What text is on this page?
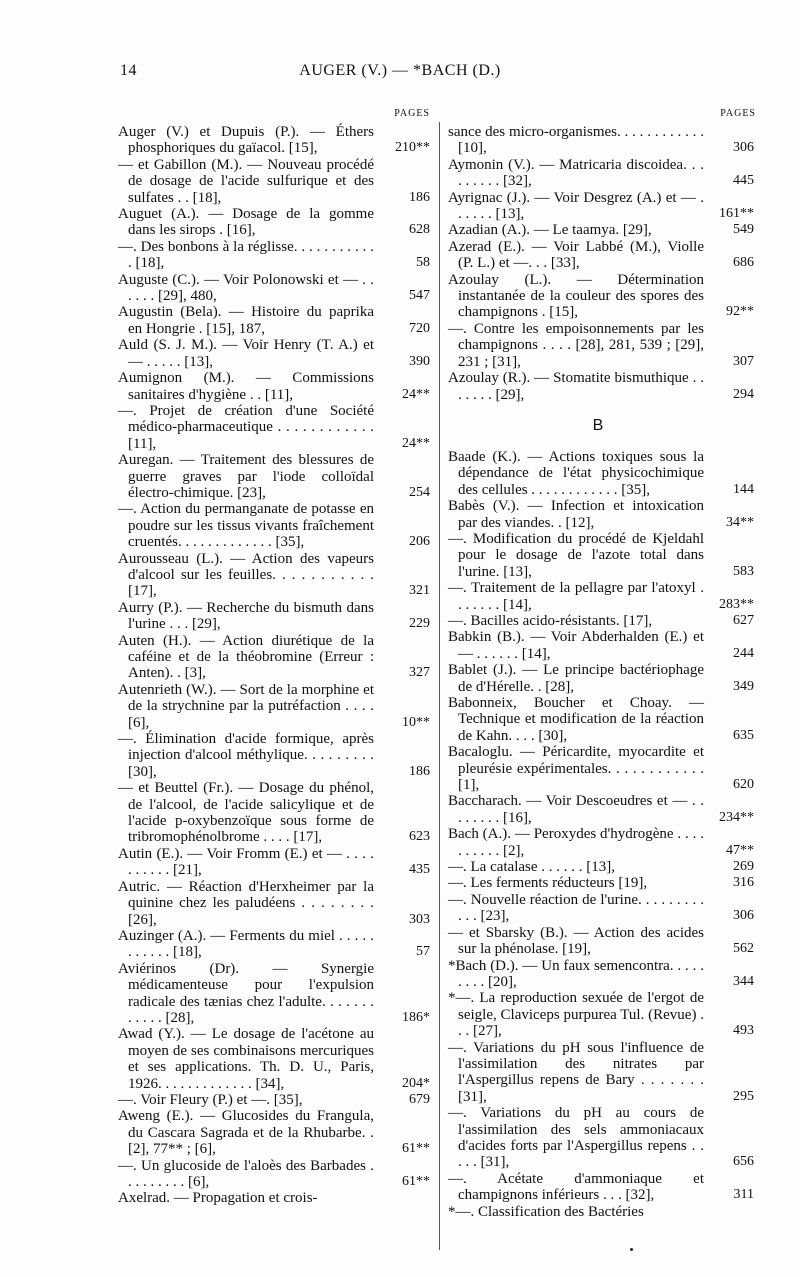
14	AUGER (V.) — *BACH (D.)
PAGES
Auger (V.) et Dupuis (P.). — Éthers phosphoriques du gaïacol. [15],	210**
— et Gabillon (M.). — Nouveau procédé de dosage de l'acide sulfurique et des sulfates . . [18],	186
Auguet (A.). — Dosage de la gomme dans les sirops . [16],	628
—. Des bonbons à la réglisse. . . . . . . . . . . . [18],	58
Auguste (C.). — Voir Polonowski et — . . . . . . [29], 480,	547
Augustin (Bela). — Histoire du paprika en Hongrie . [15], 187,	720
Auld (S. J. M.). — Voir Henry (T. A.) et — . . . . . [13],	390
Aumignon (M.). — Commissions sanitaires d'hygiène . . [11],	24**
—. Projet de création d'une Société médico-pharmaceutique . . . . . . . . . . . . [11],	24**
Auregan. — Traitement des blessures de guerre graves par l'iode colloïdal électro-chimique. [23],	254
—. Action du permanganate de potasse en poudre sur les tissus vivants fraîchement cruentés. . . . . . . . . . . . . [35],	206
Aurousseau (L.). — Action des vapeurs d'alcool sur les feuilles. . . . . . . . . . . [17],	321
Aurry (P.). — Recherche du bismuth dans l'urine . . . [29],	229
Auten (H.). — Action diurétique de la caféine et de la théobromine (Erreur : Anten). . [3],	327
Autenrieth (W.). — Sort de la morphine et de la strychnine par la putréfaction . . . . [6],	10**
—. Élimination d'acide formique, après injection d'alcool méthylique. . . . . . . . . [30],	186
— et Beuttel (Fr.). — Dosage du phénol, de l'alcool, de l'acide salicylique et de l'acide p-oxybenzoïque sous forme de tribromophénolbrome . . . . [17],	623
Autin (E.). — Voir Fromm (E.) et — . . . . . . . . . . [21],	435
Autric. — Réaction d'Herxheimer par la quinine chez les paludéens . . . . . . . . [26],	303
Auzinger (A.). — Ferments du miel . . . . . . . . . . . [18],	57
Aviérinos (Dr). — Synergie médicamenteuse pour l'expulsion radicale des tænias chez l'adulte. . . . . . . . . . . . [28],	186*
Awad (Y.). — Le dosage de l'acétone au moyen de ses combinaisons mercuriques et ses applications. Th. D. U., Paris, 1926. . . . . . . . . . . . . [34],	204*
—. Voir Fleury (P.) et —. [35],	679
Aweng (E.). — Glucosides du Frangula, du Cascara Sagrada et de la Rhubarbe. . [2], 77** ; [6],	61**
—. Un glucoside de l'aloès des Barbades . . . . . . . . . [6],	61**
Axelrad. — Propagation et crois-
PAGES
sance des micro-organismes. . . . . . . . . . . . [10],	306
Aymonin (V.). — Matricaria discoidea. . . . . . . . . [32],	445
Ayrignac (J.). — Voir Desgrez (A.) et — . . . . . . [13],	161**
Azadian (A.). — Le taamya. [29],	549
Azerad (E.). — Voir Labbé (M.), Violle (P. L.) et —. . . [33],	686
Azoulay (L.). — Détermination instantanée de la couleur des spores des champignons . [15],	92**
—. Contre les empoisonnements par les champignons . . . . [28], 281, 539 ; [29], 231 ; [31],	307
Azoulay (R.). — Stomatite bismuthique . . . . . . . [29],	294
B
Baade (K.). — Actions toxiques sous la dépendance de l'état physicochimique des cellules . . . . . . . . . . . . [35],	144
Babès (V.). — Infection et intoxication par des viandes. . [12],	34**
—. Modification du procédé de Kjeldahl pour le dosage de l'azote total dans l'urine. [13],	583
—. Traitement de la pellagre par l'atoxyl . . . . . . . [14],	283**
—. Bacilles acido-résistants. [17],	627
Babkin (B.). — Voir Abderhalden (E.) et — . . . . . . [14],	244
Bablet (J.). — Le principe bactériophage de d'Hérelle. . [28],	349
Babonneix, Boucher et Choay. — Technique et modification de la réaction de Kahn. . . . [30],	635
Bacaloglu. — Péricardite, myocardite et pleurésie expérimentales. . . . . . . . . . . . [1],	620
Baccharach. — Voir Descoeudres et — . . . . . . . . [16],	234**
Bach (A.). — Peroxydes d'hydrogène . . . . . . . . . . [2],	47**
—. La catalase . . . . . . [13],	269
—. Les ferments réducteurs [19],	316
—. Nouvelle réaction de l'urine. . . . . . . . . . . . [23],	306
— et Sbarsky (B.). — Action des acides sur la phénolase. [19],	562
*Bach (D.). — Un faux semencontra. . . . . . . . . [20],	344
*—. La reproduction sexuée de l'ergot de seigle, Claviceps purpurea Tul. (Revue) . . . [27],	493
—. Variations du pH sous l'influence de l'assimilation des nitrates par l'Aspergillus repens de Bary . . . . . . . [31],	295
—. Variations du pH au cours de l'assimilation des sels ammoniacaux d'acides forts par l'Aspergillus repens . . . . . [31],	656
—. Acétate d'ammoniaque et champignons inférieurs . . . [32],	311
*—. Classification des Bactéries
